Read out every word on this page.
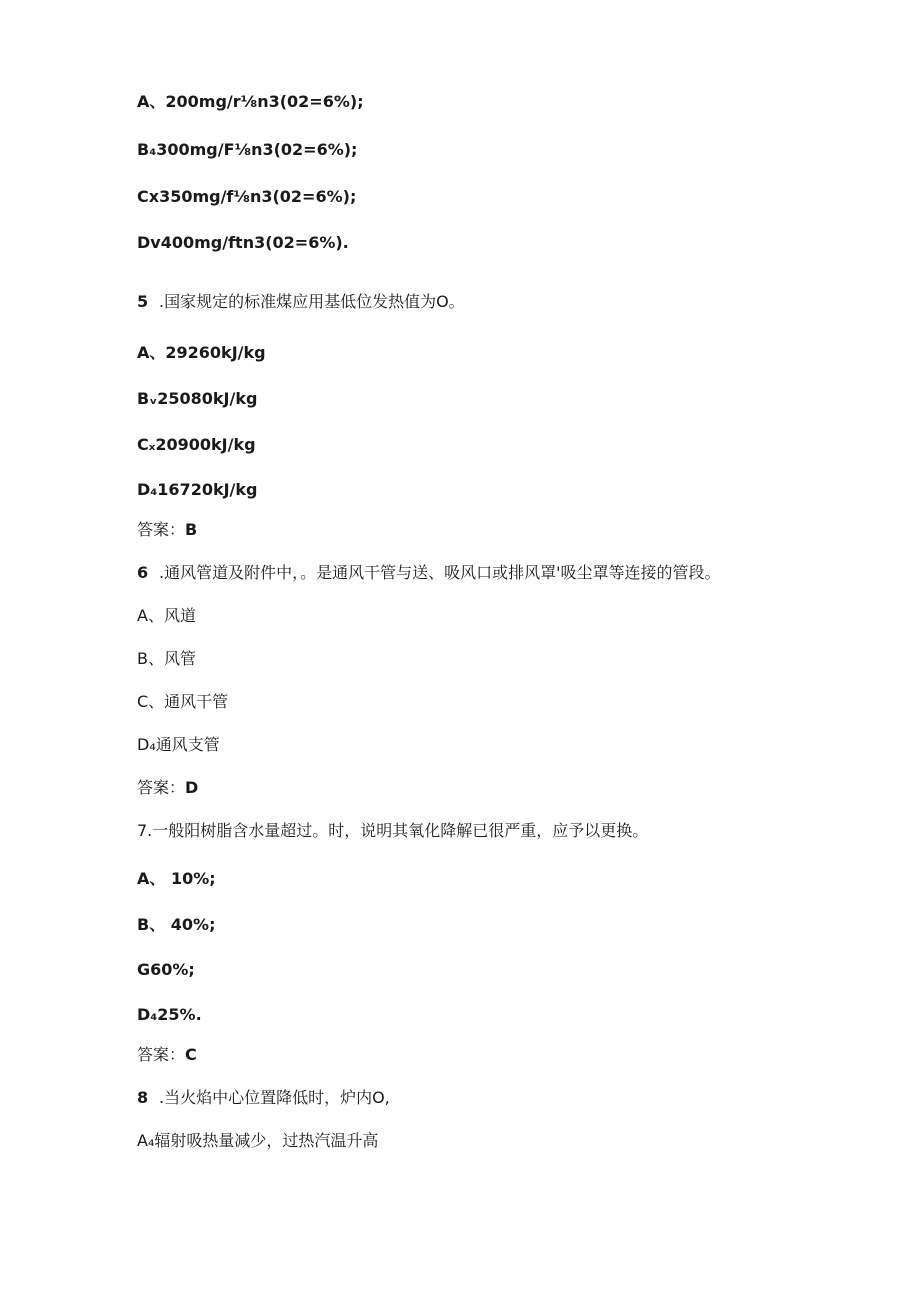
A、200mg/r⅛n3(02=6%);
B₄300mg/F⅛n3(02=6%);
Cx350mg/f⅛n3(02=6%);
Dv400mg/ftn3(02=6%).
5 .国家规定的标准煤应用基低位发热值为O。
A、29260kJ/kg
Bᵥ25080kJ/kg
Cₓ20900kJ/kg
D₄16720kJ/kg
答案：B
6 .通风管道及附件中，。是通风干管与送、吸风口或排风罩'吸尘罩等连接的管段。
A、风道
B、风管
C、通风干管
D₄通风支管
答案：D
7.一般阳树脂含水量超过。时，说明其氧化降解已很严重，应予以更换。
A、 10%;
B、 40%;
G60%;
D₄25%.
答案：C
8 .当火焰中心位置降低时，炉内O,
A₄辐射吸热量减少，过热汽温升高
